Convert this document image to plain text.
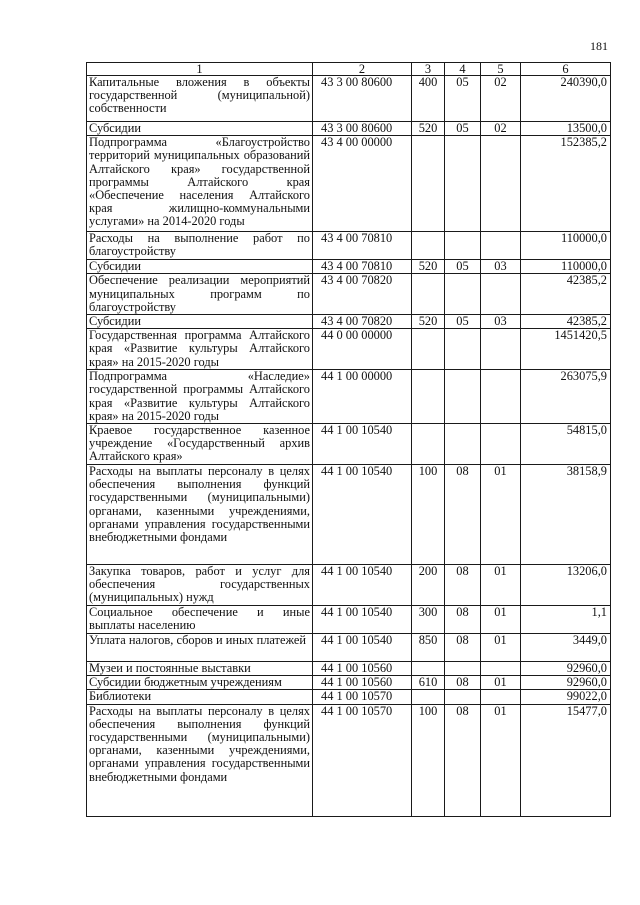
181
1	2	3	4	5	6
Капитальные вложения в объекты государственной (муниципальной) собственности	43 3 00 80600	400	05	02	240390,0
Субсидии	43 3 00 80600	520	05	02	13500,0
Подпрограмма «Благоустройство территорий муниципальных образований Алтайского края» государственной программы Алтайского края «Обеспечение населения Алтайского края жилищно-коммунальными услугами» на 2014-2020 годы	43 4 00 00000				152385,2
Расходы на выполнение работ по благоустройству	43 4 00 70810				110000,0
Субсидии	43 4 00 70810	520	05	03	110000,0
Обеспечение реализации мероприятий муниципальных программ по благоустройству	43 4 00 70820				42385,2
Субсидии	43 4 00 70820	520	05	03	42385,2
Государственная программа Алтайского края «Развитие культуры Алтайского края» на 2015-2020 годы	44 0 00 00000				1451420,5
Подпрограмма «Наследие» государственной программы Алтайского края «Развитие культуры Алтайского края» на 2015-2020 годы	44 1 00 00000				263075,9
Краевое государственное казенное учреждение «Государственный архив Алтайского края»	44 1 00 10540				54815,0
Расходы на выплаты персоналу в целях обеспечения выполнения функций государственными (муниципальными) органами, казенными учреждениями, органами управления государственными внебюджетными фондами	44 1 00 10540	100	08	01	38158,9
Закупка товаров, работ и услуг для обеспечения государственных (муниципальных) нужд	44 1 00 10540	200	08	01	13206,0
Социальное обеспечение и иные выплаты населению	44 1 00 10540	300	08	01	1,1
Уплата налогов, сборов и иных платежей	44 1 00 10540	850	08	01	3449,0
Музеи и постоянные выставки	44 1 00 10560				92960,0
Субсидии бюджетным учреждениям	44 1 00 10560	610	08	01	92960,0
Библиотеки	44 1 00 10570				99022,0
Расходы на выплаты персоналу в целях обеспечения выполнения функций государственными (муниципальными) органами, казенными учреждениями, органами управления государственными внебюджетными фондами	44 1 00 10570	100	08	01	15477,0
